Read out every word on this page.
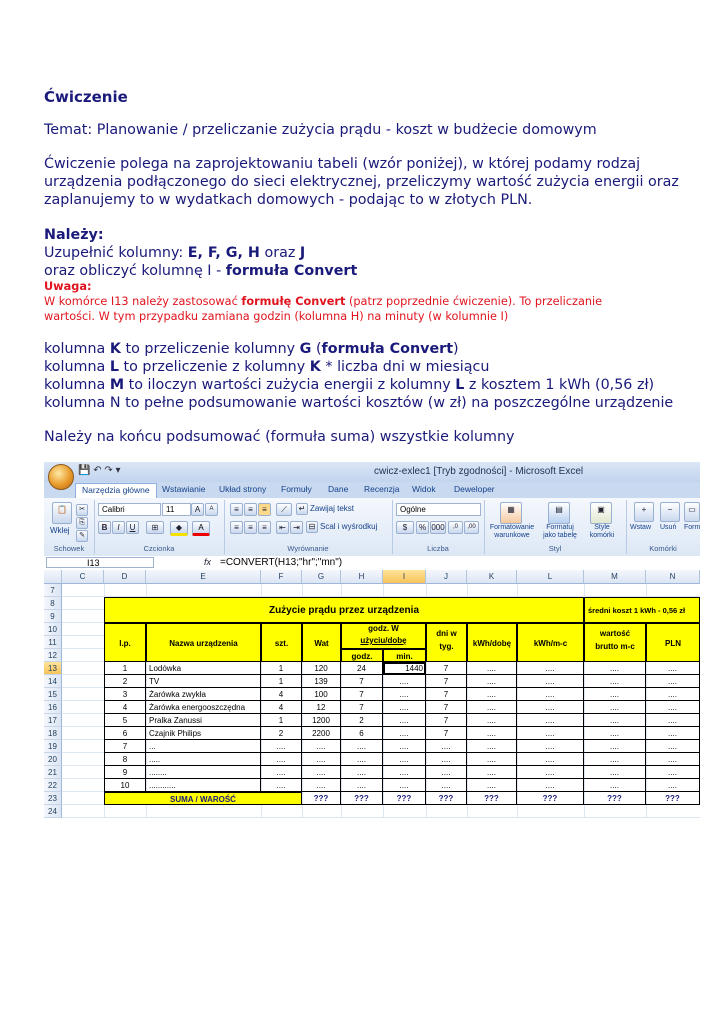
Ćwiczenie
Temat: Planowanie / przeliczanie zużycia prądu - koszt w budżecie domowym
Ćwiczenie polega na zaprojektowaniu tabeli (wzór poniżej), w której podamy rodzaj
urządzenia podłączonego do sieci elektrycznej, przeliczymy wartość zużycia energii oraz
zaplanujemy to w wydatkach domowych - podając to w złotych PLN.
Należy:
Uzupełnić kolumny: E, F, G, H oraz J
oraz obliczyć kolumnę I - formuła Convert
Uwaga:
W komórce I13 należy zastosować formułę Convert (patrz poprzednie ćwiczenie). To przeliczanie
wartości. W tym przypadku zamiana godzin (kolumna H) na minuty (w kolumnie I)
kolumna K to przeliczenie kolumny G (formuła Convert)
kolumna L to przeliczenie z kolumny K * liczba dni w miesiącu
kolumna M to iloczyn wartości zużycia energii z kolumny L z kosztem 1 kWh (0,56 zł)
kolumna N to pełne podsumowanie wartości kosztów (w zł) na poszczególne urządzenie
Należy na końcu podsumować (formuła suma) wszystkie kolumny
💾 ↶ ↷ ▾	cwicz-exlec1 [Tryb zgodności] - Microsoft Excel
Narzędzia główne	Wstawianie Układ strony Formuły Dane Recenzja Widok Deweloper
📋
Wklej
✂
⎘
✎
Schowek
Calibri	11	A	A
B	I	U	⊞	◆	A
Czcionka
≡	≡	≡	⟋	↵ Zawijaj tekst
≡	≡	≡	⇤ ⇥	⊟ Scal i wyśrodkuj
Wyrównanie
Ogólne
$	% 000	,0	,00
Liczba
▦
Formatowanie warunkowe
▤
Formatuj jako tabelę
▣
Style komórki
Styl
+
Wstaw
−
Usuń
▭
Form
Komórki
I13	fx =CONVERT(H13;"hr";"mn")
C	D	E	F	G	H	I	J	K	L	M	N
7
8
9
10
11
12
13
14
15
16
17
18
19
20
21
22
23
24
Zużycie prądu przez urządzenia	średni koszt 1 kWh - 0,56 zł
l.p.	Nazwa urządzenia	szt.	Wat
godz. W
użyciu/dobę
godz.	min.
dni w
tyg.	kWh/dobę	kWh/m-c
wartość
brutto m-c	PLN
1	Lodówka	1	120	24	1440	7	....	....	....	....
2	TV	1	139	7	....	7	....	....	....	....
3	Żarówka zwykła	4	100	7	....	7	....	....	....	....
4	Żarówka energooszczędna	4	12	7	....	7	....	....	....	....
5	Pralka Zanussi	1	1200	2	....	7	....	....	....	....
6	Czajnik Philips	2	2200	6	....	7	....	....	....	....
7	...	....	....	....	....	....	....	....	....	....
8	.....	....	....	....	....	....	....	....	....	....
9	........	....	....	....	....	....	....	....	....	....
10	............	....	....	....	....	....	....	....	....	....
SUMA / WAROŚĆ	???	???	???	???	???	???	???	???
